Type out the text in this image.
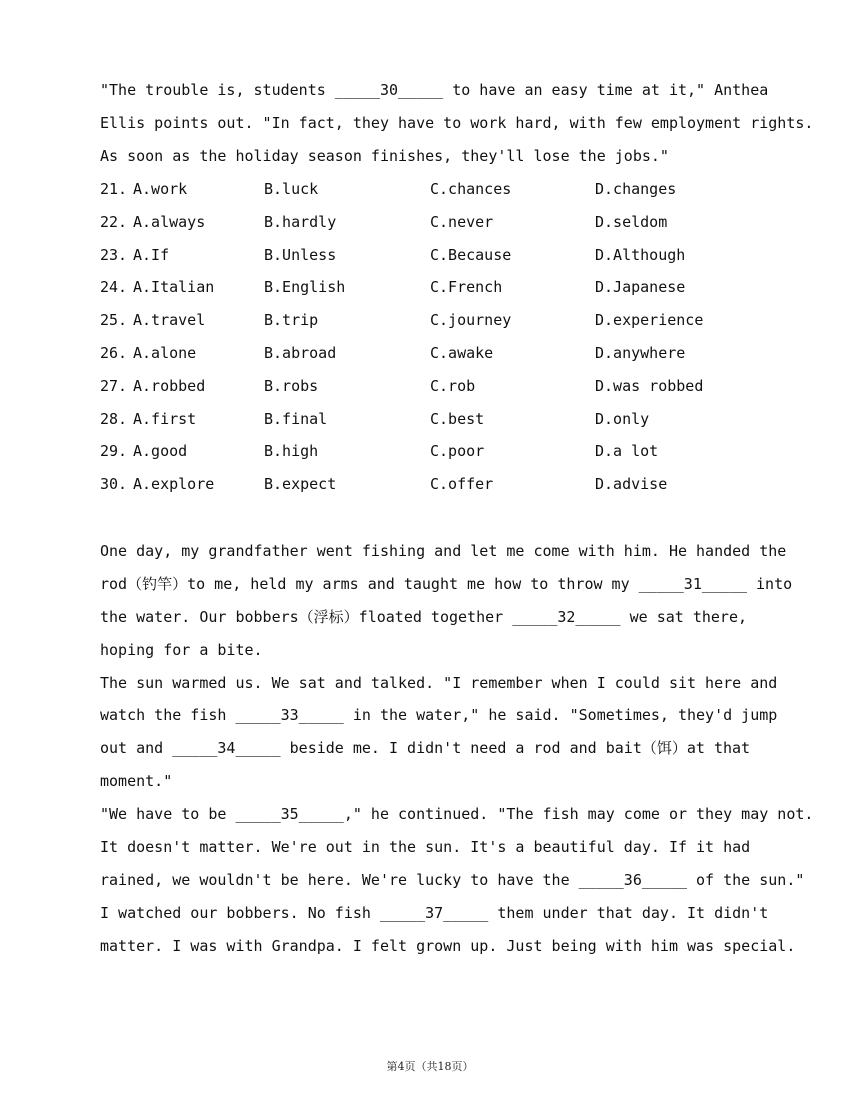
"The trouble is, students _____30_____ to have an easy time at it," Anthea
Ellis points out. "In fact, they have to work hard, with few employment rights.
As soon as the holiday season finishes, they'll lose the jobs."
21. A.work	B.luck	C.chances	D.changes
22. A.always	B.hardly	C.never	D.seldom
23. A.If	B.Unless	C.Because	D.Although
24. A.Italian	B.English	C.French	D.Japanese
25. A.travel	B.trip	C.journey	D.experience
26. A.alone	B.abroad	C.awake	D.anywhere
27. A.robbed	B.robs	C.rob	D.was robbed
28. A.first	B.final	C.best	D.only
29. A.good	B.high	C.poor	D.a lot
30. A.explore	B.expect	C.offer	D.advise
One day, my grandfather went fishing and let me come with him. He handed the
rod（钓竿）to me, held my arms and taught me how to throw my _____31_____ into
the water. Our bobbers（浮标）floated together _____32_____ we sat there,
hoping for a bite.
The sun warmed us. We sat and talked. "I remember when I could sit here and
watch the fish _____33_____ in the water," he said. "Sometimes, they'd jump
out and _____34_____ beside me. I didn't need a rod and bait（饵）at that
moment."
"We have to be _____35_____," he continued. "The fish may come or they may not.
It doesn't matter. We're out in the sun. It's a beautiful day. If it had
rained, we wouldn't be here. We're lucky to have the _____36_____ of the sun."
I watched our bobbers. No fish _____37_____ them under that day. It didn't
matter. I was with Grandpa. I felt grown up. Just being with him was special.
第4页（共18页）
